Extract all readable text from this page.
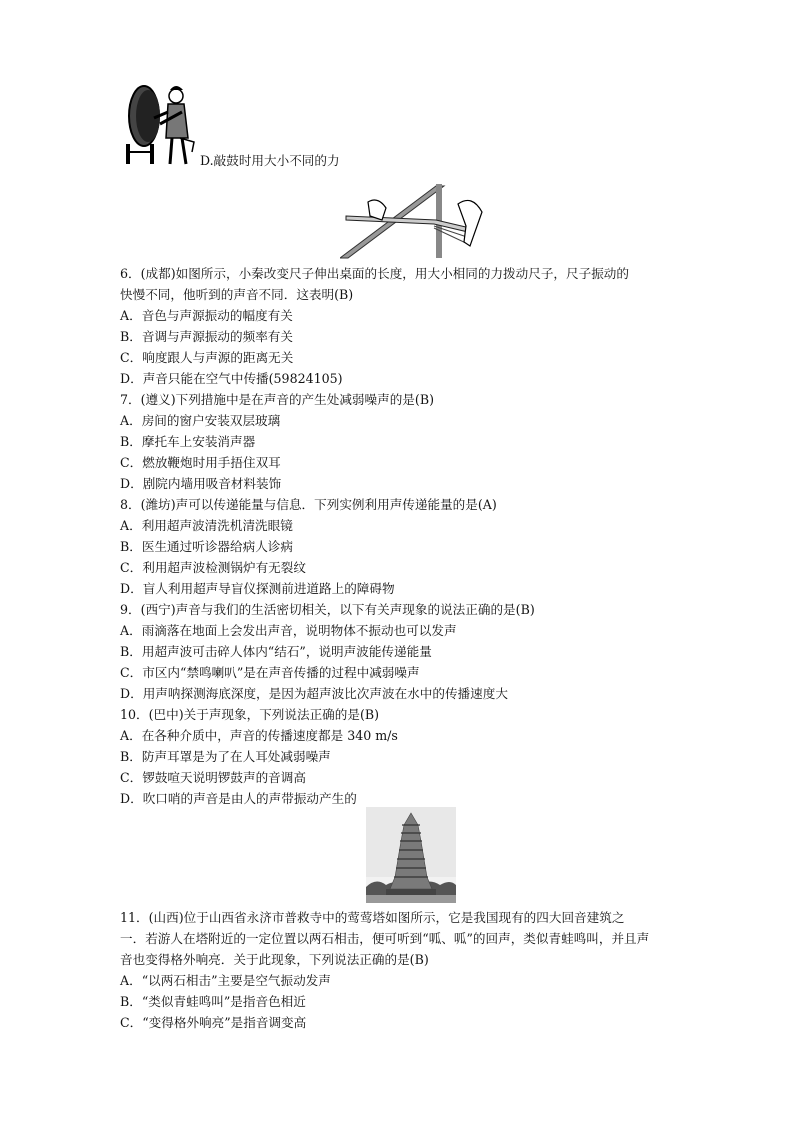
D.敲鼓时用大小不同的力
6．(成都)如图所示，小秦改变尺子伸出桌面的长度，用大小相同的力拨动尺子，尺子振动的
快慢不同，他听到的声音不同．这表明(B)
A．音色与声源振动的幅度有关
B．音调与声源振动的频率有关
C．响度跟人与声源的距离无关
D．声音只能在空气中传播(59824105)
7．(遵义)下列措施中是在声音的产生处减弱噪声的是(B)
A．房间的窗户安装双层玻璃
B．摩托车上安装消声器
C．燃放鞭炮时用手捂住双耳
D．剧院内墙用吸音材料装饰
8．(潍坊)声可以传递能量与信息．下列实例利用声传递能量的是(A)
A．利用超声波清洗机清洗眼镜
B．医生通过听诊器给病人诊病
C．利用超声波检测锅炉有无裂纹
D．盲人利用超声导盲仪探测前进道路上的障碍物
9．(西宁)声音与我们的生活密切相关，以下有关声现象的说法正确的是(B)
A．雨滴落在地面上会发出声音，说明物体不振动也可以发声
B．用超声波可击碎人体内“结石”，说明声波能传递能量
C．市区内“禁鸣喇叭”是在声音传播的过程中减弱噪声
D．用声呐探测海底深度，是因为超声波比次声波在水中的传播速度大
10．(巴中)关于声现象，下列说法正确的是(B)
A．在各种介质中，声音的传播速度都是 340 m/s
B．防声耳罩是为了在人耳处减弱噪声
C．锣鼓喧天说明锣鼓声的音调高
D．吹口哨的声音是由人的声带振动产生的
11．(山西)位于山西省永济市普救寺中的莺莺塔如图所示，它是我国现有的四大回音建筑之
一．若游人在塔附近的一定位置以两石相击，便可听到“呱、呱”的回声，类似青蛙鸣叫，并且声
音也变得格外响亮．关于此现象，下列说法正确的是(B)
A．“以两石相击”主要是空气振动发声
B．“类似青蛙鸣叫”是指音色相近
C．“变得格外响亮”是指音调变高
